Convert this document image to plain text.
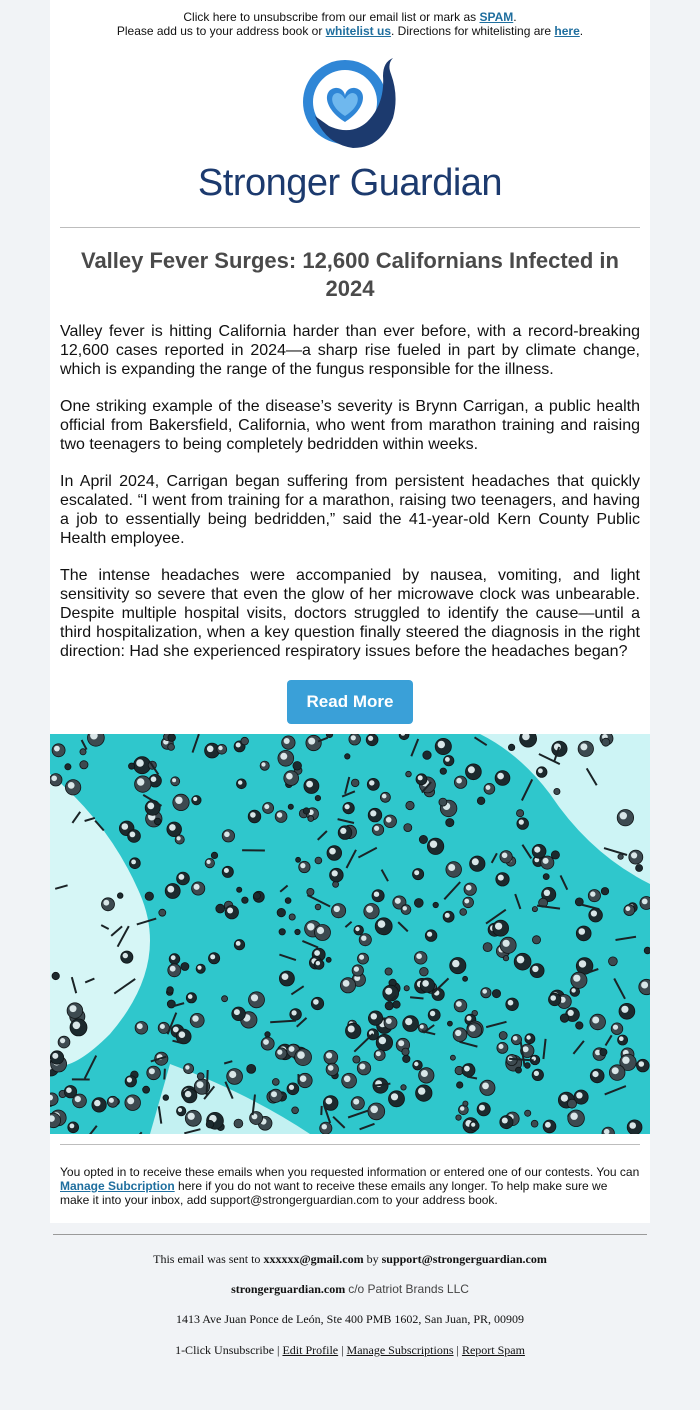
Click here to unsubscribe from our email list or mark as SPAM.
Please add us to your address book or whitelist us. Directions for whitelisting are here.
Stronger Guardian
Valley Fever Surges: 12,600 Californians Infected in 2024

Valley fever is hitting California harder than ever before, with a record-breaking 12,600 cases reported in 2024—a sharp rise fueled in part by climate change, which is expanding the range of the fungus responsible for the illness.

One striking example of the disease’s severity is Brynn Carrigan, a public health official from Bakersfield, California, who went from marathon training and raising two teenagers to being completely bedridden within weeks.

In April 2024, Carrigan began suffering from persistent headaches that quickly escalated. “I went from training for a marathon, raising two teenagers, and having a job to essentially being bedridden,” said the 41-year-old Kern County Public Health employee.

The intense headaches were accompanied by nausea, vomiting, and light sensitivity so severe that even the glow of her microwave clock was unbearable. Despite multiple hospital visits, doctors struggled to identify the cause—until a third hospitalization, when a key question finally steered the diagnosis in the right direction: Had she experienced respiratory issues before the headaches began?

Read More
You opted in to receive these emails when you requested information or entered one of our contests. You can Manage Subcription here if you do not want to receive these emails any longer. To help make sure we make it into your inbox, add support@strongerguardian.com to your address book.
This email was sent to xxxxxx@gmail.com by support@strongerguardian.com
strongerguardian.com c/o Patriot Brands LLC
1413 Ave Juan Ponce de León, Ste 400 PMB 1602, San Juan, PR, 00909
1-Click Unsubscribe | Edit Profile | Manage Subscriptions | Report Spam
